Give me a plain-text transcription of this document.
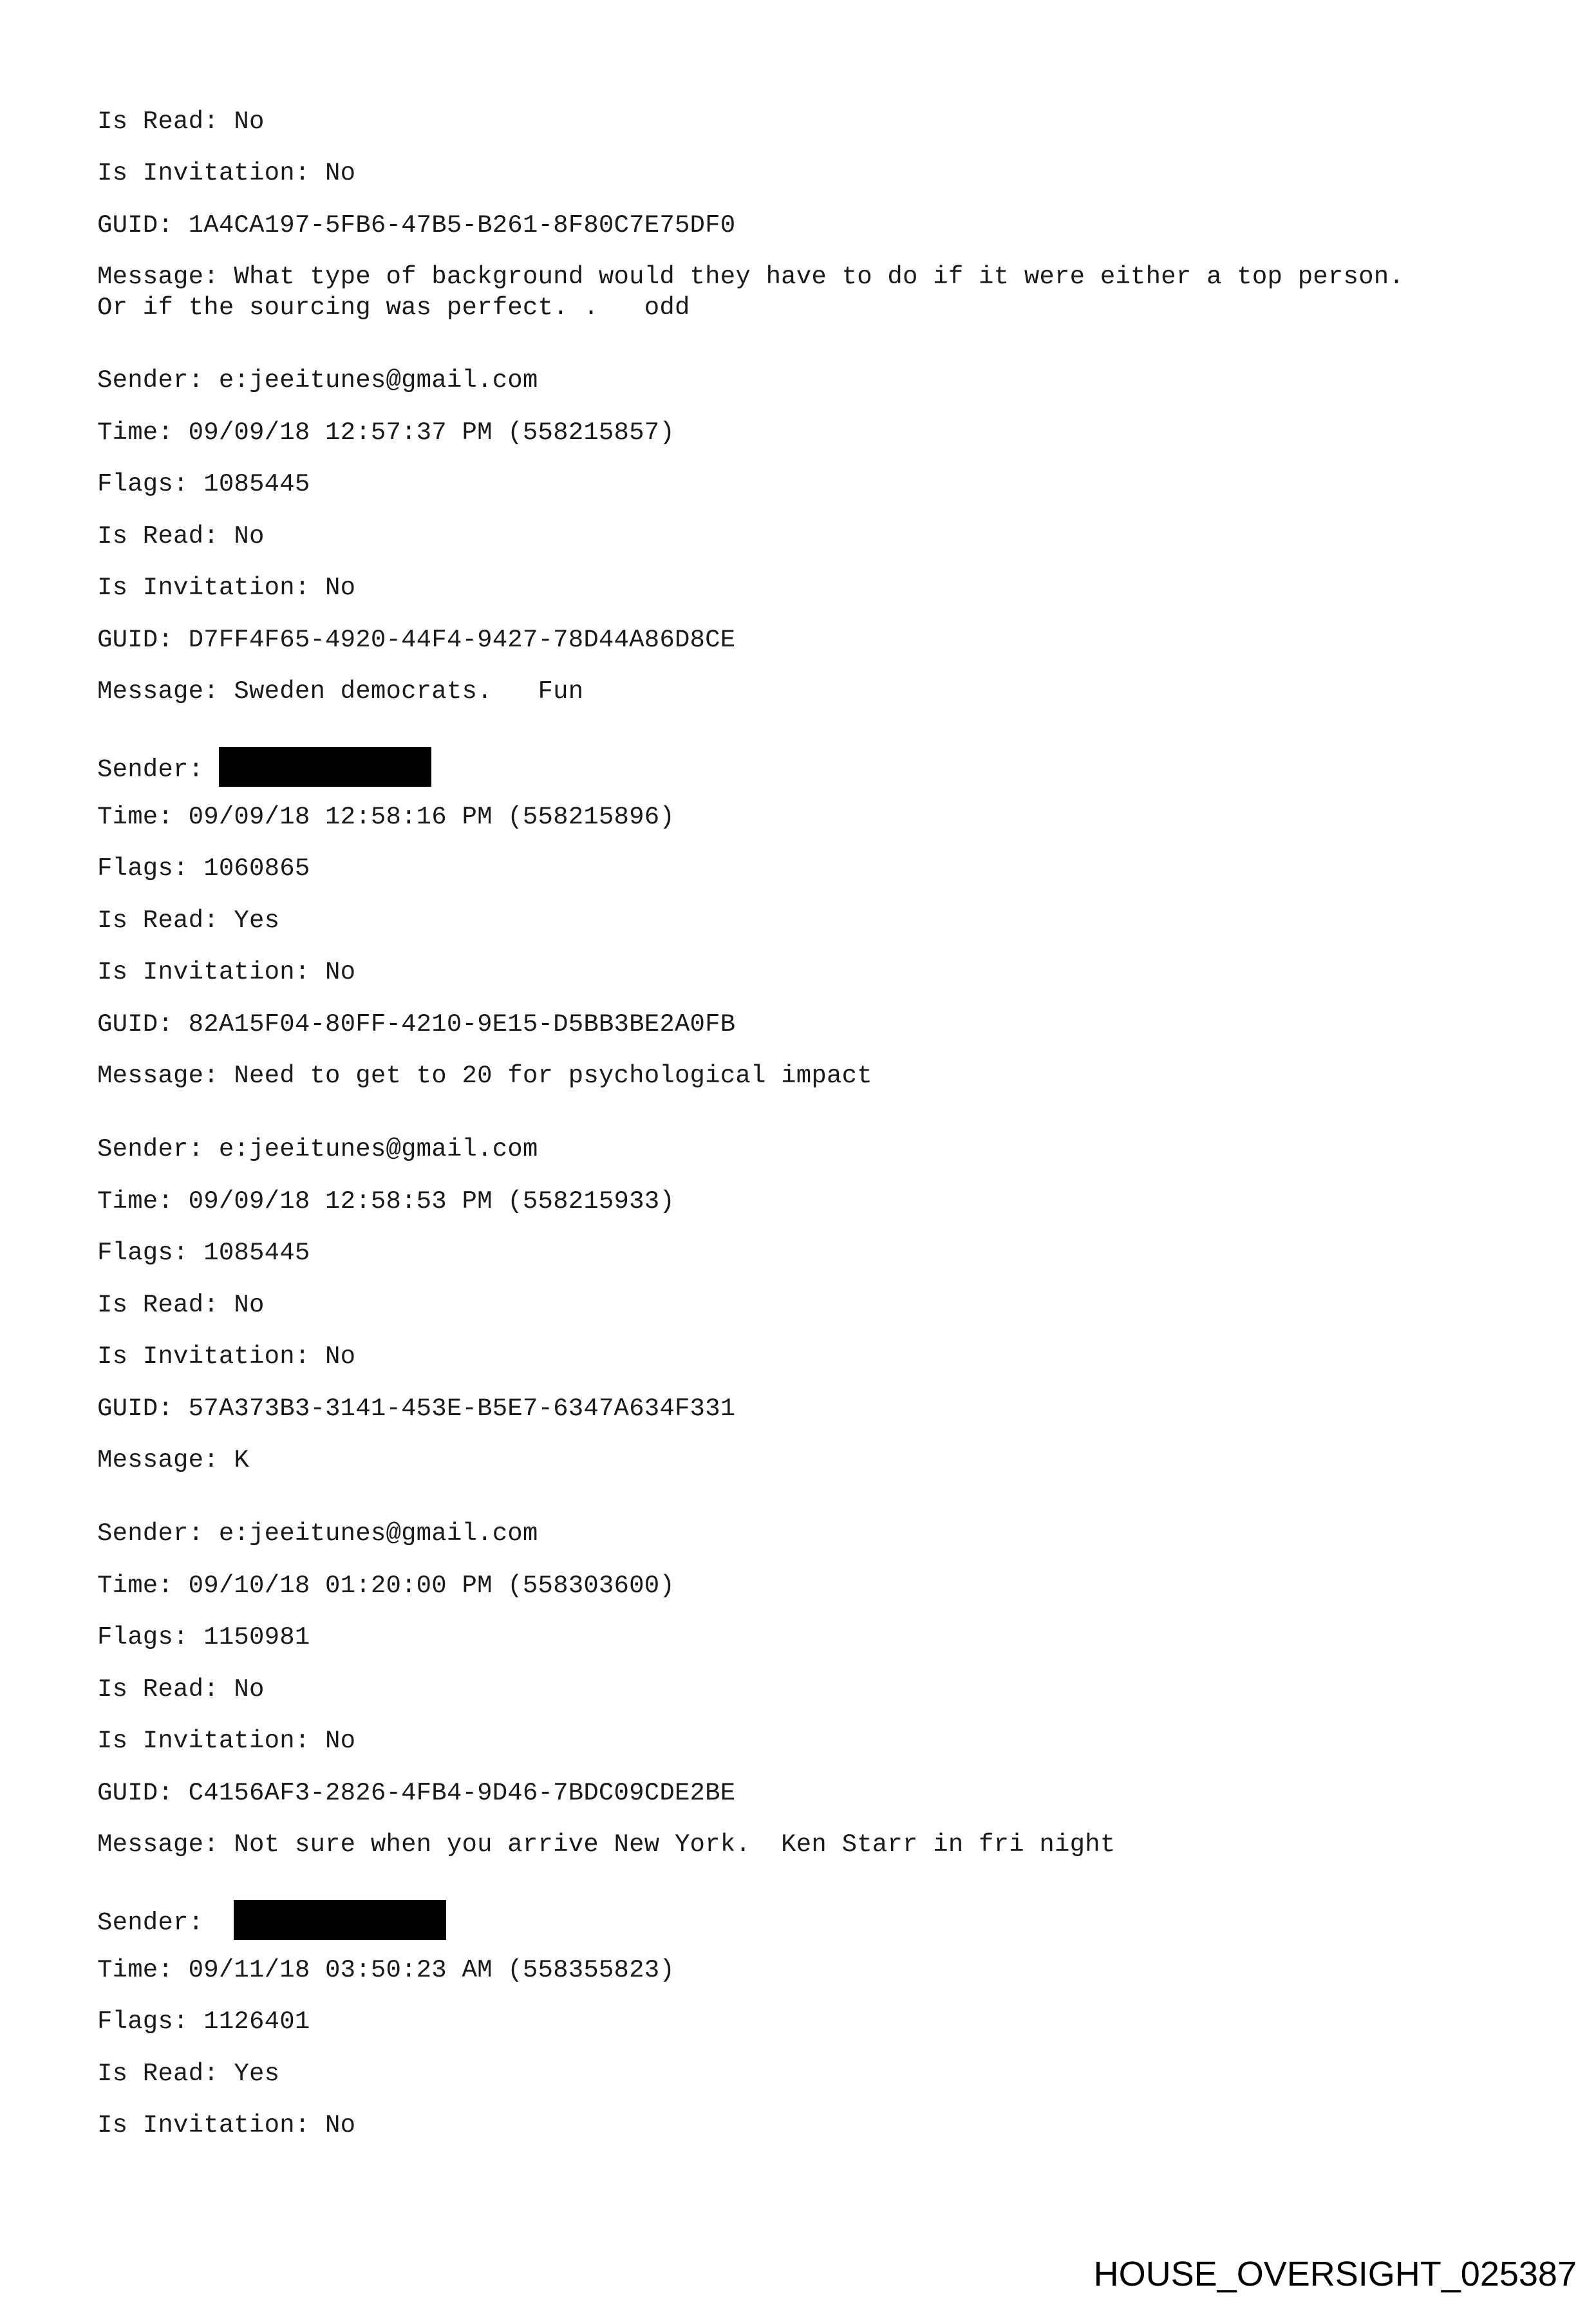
Is Read: No
Is Invitation: No
GUID: 1A4CA197-5FB6-47B5-B261-8F80C7E75DF0
Message: What type of background would they have to do if it were either a top person.
Or if the sourcing was perfect. .   odd
Sender: e:jeeitunes@gmail.com
Time: 09/09/18 12:57:37 PM (558215857)
Flags: 1085445
Is Read: No
Is Invitation: No
GUID: D7FF4F65-4920-44F4-9427-78D44A86D8CE
Message: Sweden democrats.   Fun
Sender:
Time: 09/09/18 12:58:16 PM (558215896)
Flags: 1060865
Is Read: Yes
Is Invitation: No
GUID: 82A15F04-80FF-4210-9E15-D5BB3BE2A0FB
Message: Need to get to 20 for psychological impact
Sender: e:jeeitunes@gmail.com
Time: 09/09/18 12:58:53 PM (558215933)
Flags: 1085445
Is Read: No
Is Invitation: No
GUID: 57A373B3-3141-453E-B5E7-6347A634F331
Message: K
Sender: e:jeeitunes@gmail.com
Time: 09/10/18 01:20:00 PM (558303600)
Flags: 1150981
Is Read: No
Is Invitation: No
GUID: C4156AF3-2826-4FB4-9D46-7BDC09CDE2BE
Message: Not sure when you arrive New York.  Ken Starr in fri night
Sender:
Time: 09/11/18 03:50:23 AM (558355823)
Flags: 1126401
Is Read: Yes
Is Invitation: No
HOUSE_OVERSIGHT_025387
